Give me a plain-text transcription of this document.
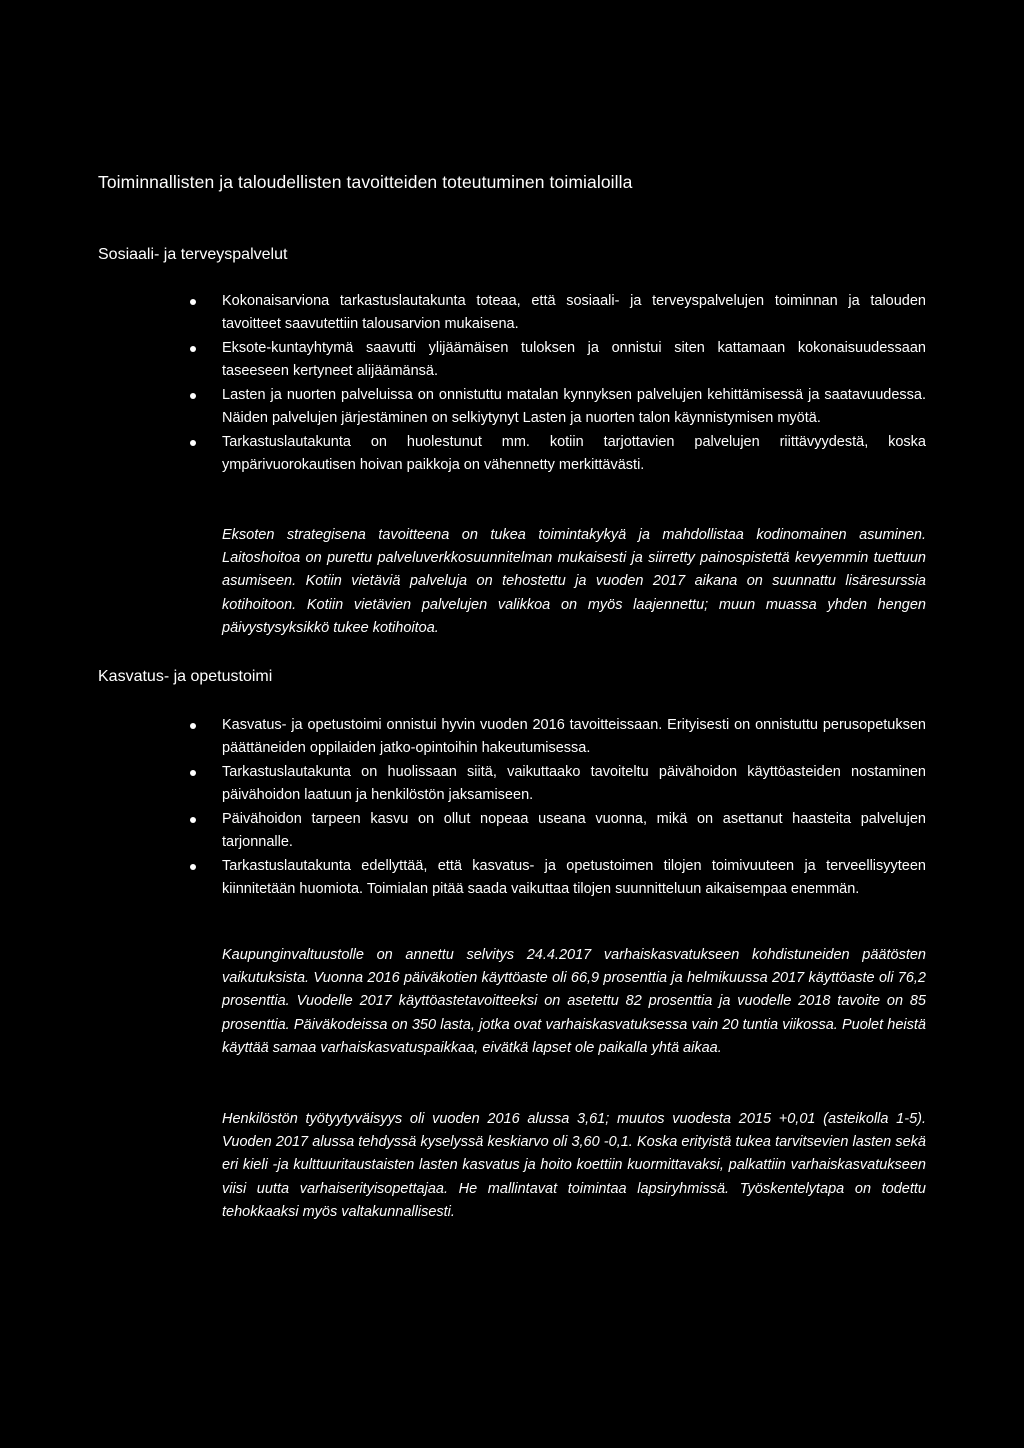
Toiminnallisten ja taloudellisten tavoitteiden toteutuminen toimialoilla
Sosiaali- ja terveyspalvelut
Kokonaisarviona tarkastuslautakunta toteaa, että sosiaali- ja terveyspalvelujen toiminnan ja talouden tavoitteet saavutettiin talousarvion mukaisena.
Eksote-kuntayhtymä saavutti ylijäämäisen tuloksen ja onnistui siten kattamaan kokonaisuudessaan taseeseen kertyneet alijäämänsä.
Lasten ja nuorten palveluissa on onnistuttu matalan kynnyksen palvelujen kehittämisessä ja saatavuudessa. Näiden palvelujen järjestäminen on selkiytynyt Lasten ja nuorten talon käynnistymisen myötä.
Tarkastuslautakunta on huolestunut mm. kotiin tarjottavien palvelujen riittävyydestä, koska ympärivuorokautisen hoivan paikkoja on vähennetty merkittävästi.

Eksoten strategisena tavoitteena on tukea toimintakykyä ja mahdollistaa kodinomainen asuminen. Laitoshoitoa on purettu palveluverkkosuunnitelman mukaisesti ja siirretty painospistettä kevyemmin tuettuun asumiseen. Kotiin vietäviä palveluja on tehostettu ja vuoden 2017 aikana on suunnattu lisäresurssia kotihoitoon. Kotiin vietävien palvelujen valikkoa on myös laajennettu; muun muassa yhden hengen päivystysyksikkö tukee kotihoitoa.

Kasvatus- ja opetustoimi
Kasvatus- ja opetustoimi onnistui hyvin vuoden 2016 tavoitteissaan. Erityisesti on onnistuttu perusopetuksen päättäneiden oppilaiden jatko-opintoihin hakeutumisessa.
Tarkastuslautakunta on huolissaan siitä, vaikuttaako tavoiteltu päivähoidon käyttöasteiden nostaminen päivähoidon laatuun ja henkilöstön jaksamiseen.
Päivähoidon tarpeen kasvu on ollut nopeaa useana vuonna, mikä on asettanut haasteita palvelujen tarjonnalle.
Tarkastuslautakunta edellyttää, että kasvatus- ja opetustoimen tilojen toimivuuteen ja terveellisyyteen kiinnitetään huomiota. Toimialan pitää saada vaikuttaa tilojen suunnitteluun aikaisempaa enemmän.

Kaupunginvaltuustolle on annettu selvitys 24.4.2017 varhaiskasvatukseen kohdistuneiden päätösten vaikutuksista. Vuonna 2016 päiväkotien käyttöaste oli 66,9 prosenttia ja helmikuussa 2017 käyttöaste oli 76,2 prosenttia. Vuodelle 2017 käyttöastetavoitteeksi on asetettu 82 prosenttia ja vuodelle 2018 tavoite on 85 prosenttia. Päiväkodeissa on 350 lasta, jotka ovat varhaiskasvatuksessa vain 20 tuntia viikossa. Puolet heistä käyttää samaa varhaiskasvatuspaikkaa, eivätkä lapset ole paikalla yhtä aikaa.

Henkilöstön työtyytyväisyys oli vuoden 2016 alussa 3,61; muutos vuodesta 2015 +0,01 (asteikolla 1-5). Vuoden 2017 alussa tehdyssä kyselyssä keskiarvo oli 3,60 -0,1. Koska erityistä tukea tarvitsevien lasten sekä eri kieli -ja kulttuuritaustaisten lasten kasvatus ja hoito koettiin kuormittavaksi, palkattiin varhaiskasvatukseen viisi uutta varhaiserityisopettajaa. He mallintavat toimintaa lapsiryhmissä. Työskentelytapa on todettu tehokkaaksi myös valtakunnallisesti.
